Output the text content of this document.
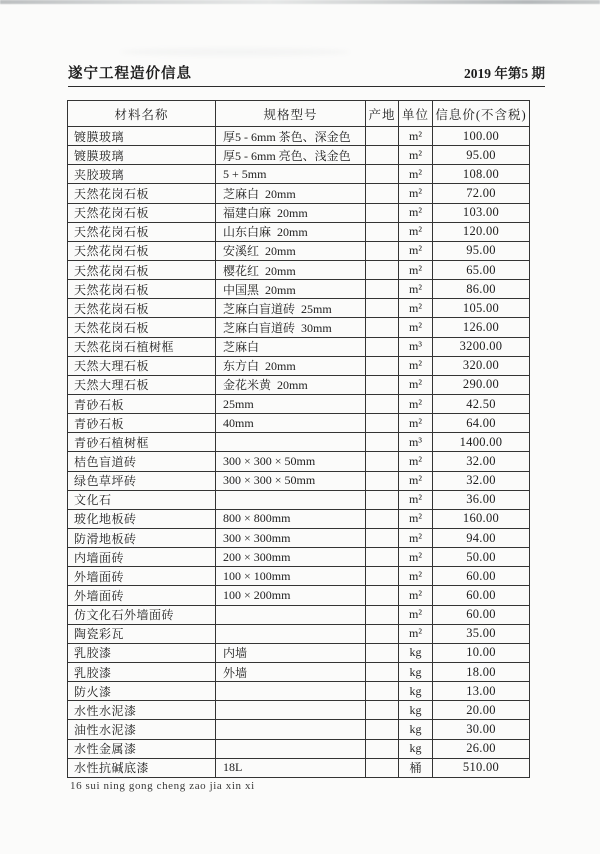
遂宁工程造价信息	2019 年第5 期
材料名称	规格型号	产地	单位	信息价(不含税)
镀膜玻璃	厚5 - 6mm 茶色、深金色		m²	100.00
镀膜玻璃	厚5 - 6mm 亮色、浅金色		m²	95.00
夹胶玻璃	5 + 5mm		m²	108.00
天然花岗石板	芝麻白  20mm		m²	72.00
天然花岗石板	福建白麻  20mm		m²	103.00
天然花岗石板	山东白麻  20mm		m²	120.00
天然花岗石板	安溪红  20mm		m²	95.00
天然花岗石板	樱花红  20mm		m²	65.00
天然花岗石板	中国黑  20mm		m²	86.00
天然花岗石板	芝麻白盲道砖  25mm		m²	105.00
天然花岗石板	芝麻白盲道砖  30mm		m²	126.00
天然花岗石植树框	芝麻白		m³	3200.00
天然大理石板	东方白  20mm		m²	320.00
天然大理石板	金花米黄  20mm		m²	290.00
青砂石板	25mm		m²	42.50
青砂石板	40mm		m²	64.00
青砂石植树框			m³	1400.00
桔色盲道砖	300 × 300 × 50mm		m²	32.00
绿色草坪砖	300 × 300 × 50mm		m²	32.00
文化石			m²	36.00
玻化地板砖	800 × 800mm		m²	160.00
防滑地板砖	300 × 300mm		m²	94.00
内墙面砖	200 × 300mm		m²	50.00
外墙面砖	100 × 100mm		m²	60.00
外墙面砖	100 × 200mm		m²	60.00
仿文化石外墙面砖			m²	60.00
陶瓷彩瓦			m²	35.00
乳胶漆	内墙		kg	10.00
乳胶漆	外墙		kg	18.00
防火漆			kg	13.00
水性水泥漆			kg	20.00
油性水泥漆			kg	30.00
水性金属漆			kg	26.00
水性抗碱底漆	18L		桶	510.00
16 sui ning gong cheng zao jia xin xi
